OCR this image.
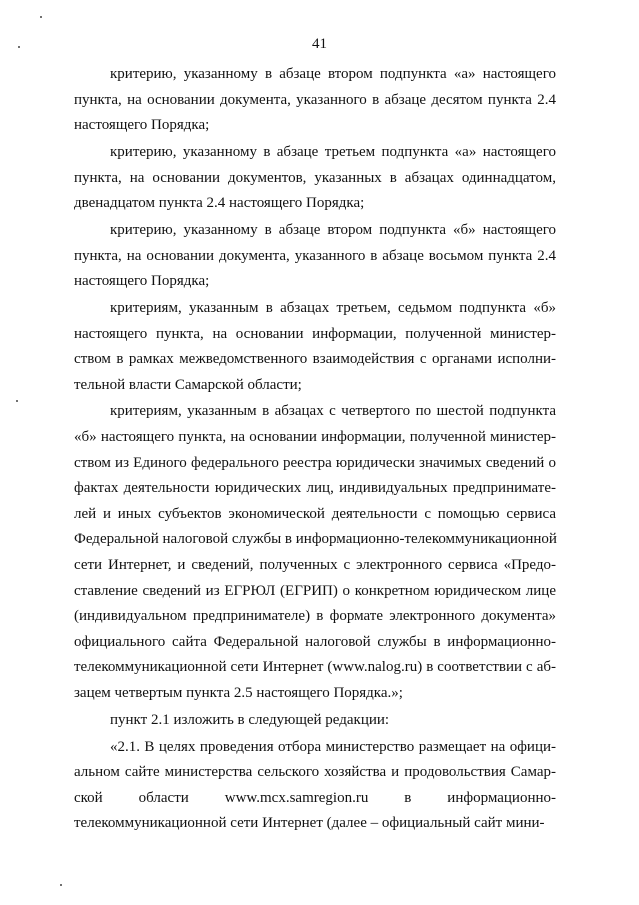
41
критерию, указанному в абзаце втором подпункта «а» настоящего
пункта, на основании документа, указанного в абзаце десятом пункта 2.4
настоящего Порядка;
критерию, указанному в абзаце третьем подпункта «а» настоящего
пункта, на основании документов, указанных в абзацах одиннадцатом,
двенадцатом пункта 2.4 настоящего Порядка;
критерию, указанному в абзаце втором подпункта «б» настоящего
пункта, на основании документа, указанного в абзаце восьмом пункта 2.4
настоящего Порядка;
критериям, указанным в абзацах третьем, седьмом подпункта «б»
настоящего пункта, на основании информации, полученной министер-
ством в рамках межведомственного взаимодействия с органами исполни-
тельной власти Самарской области;
критериям, указанным в абзацах с четвертого по шестой подпункта
«б» настоящего пункта, на основании информации, полученной министер-
ством из Единого федерального реестра юридически значимых сведений о
фактах деятельности юридических лиц, индивидуальных предпринимате-
лей и иных субъектов экономической деятельности с помощью сервиса
Федеральной налоговой службы в информационно-телекоммуникационной
сети Интернет, и сведений, полученных с электронного сервиса «Предо-
ставление сведений из ЕГРЮЛ (ЕГРИП) о конкретном юридическом лице
(индивидуальном предпринимателе) в формате электронного документа»
официального сайта Федеральной налоговой службы в информационно-
телекоммуникационной сети Интернет (www.nalog.ru) в соответствии с аб-
зацем четвертым пункта 2.5 настоящего Порядка.»;
пункт 2.1 изложить в следующей редакции:
«2.1. В целях проведения отбора министерство размещает на офици-
альном сайте министерства сельского хозяйства и продовольствия Самар-
ской области www.mcx.samregion.ru в информационно-
телекоммуникационной сети Интернет (далее – официальный сайт мини-
